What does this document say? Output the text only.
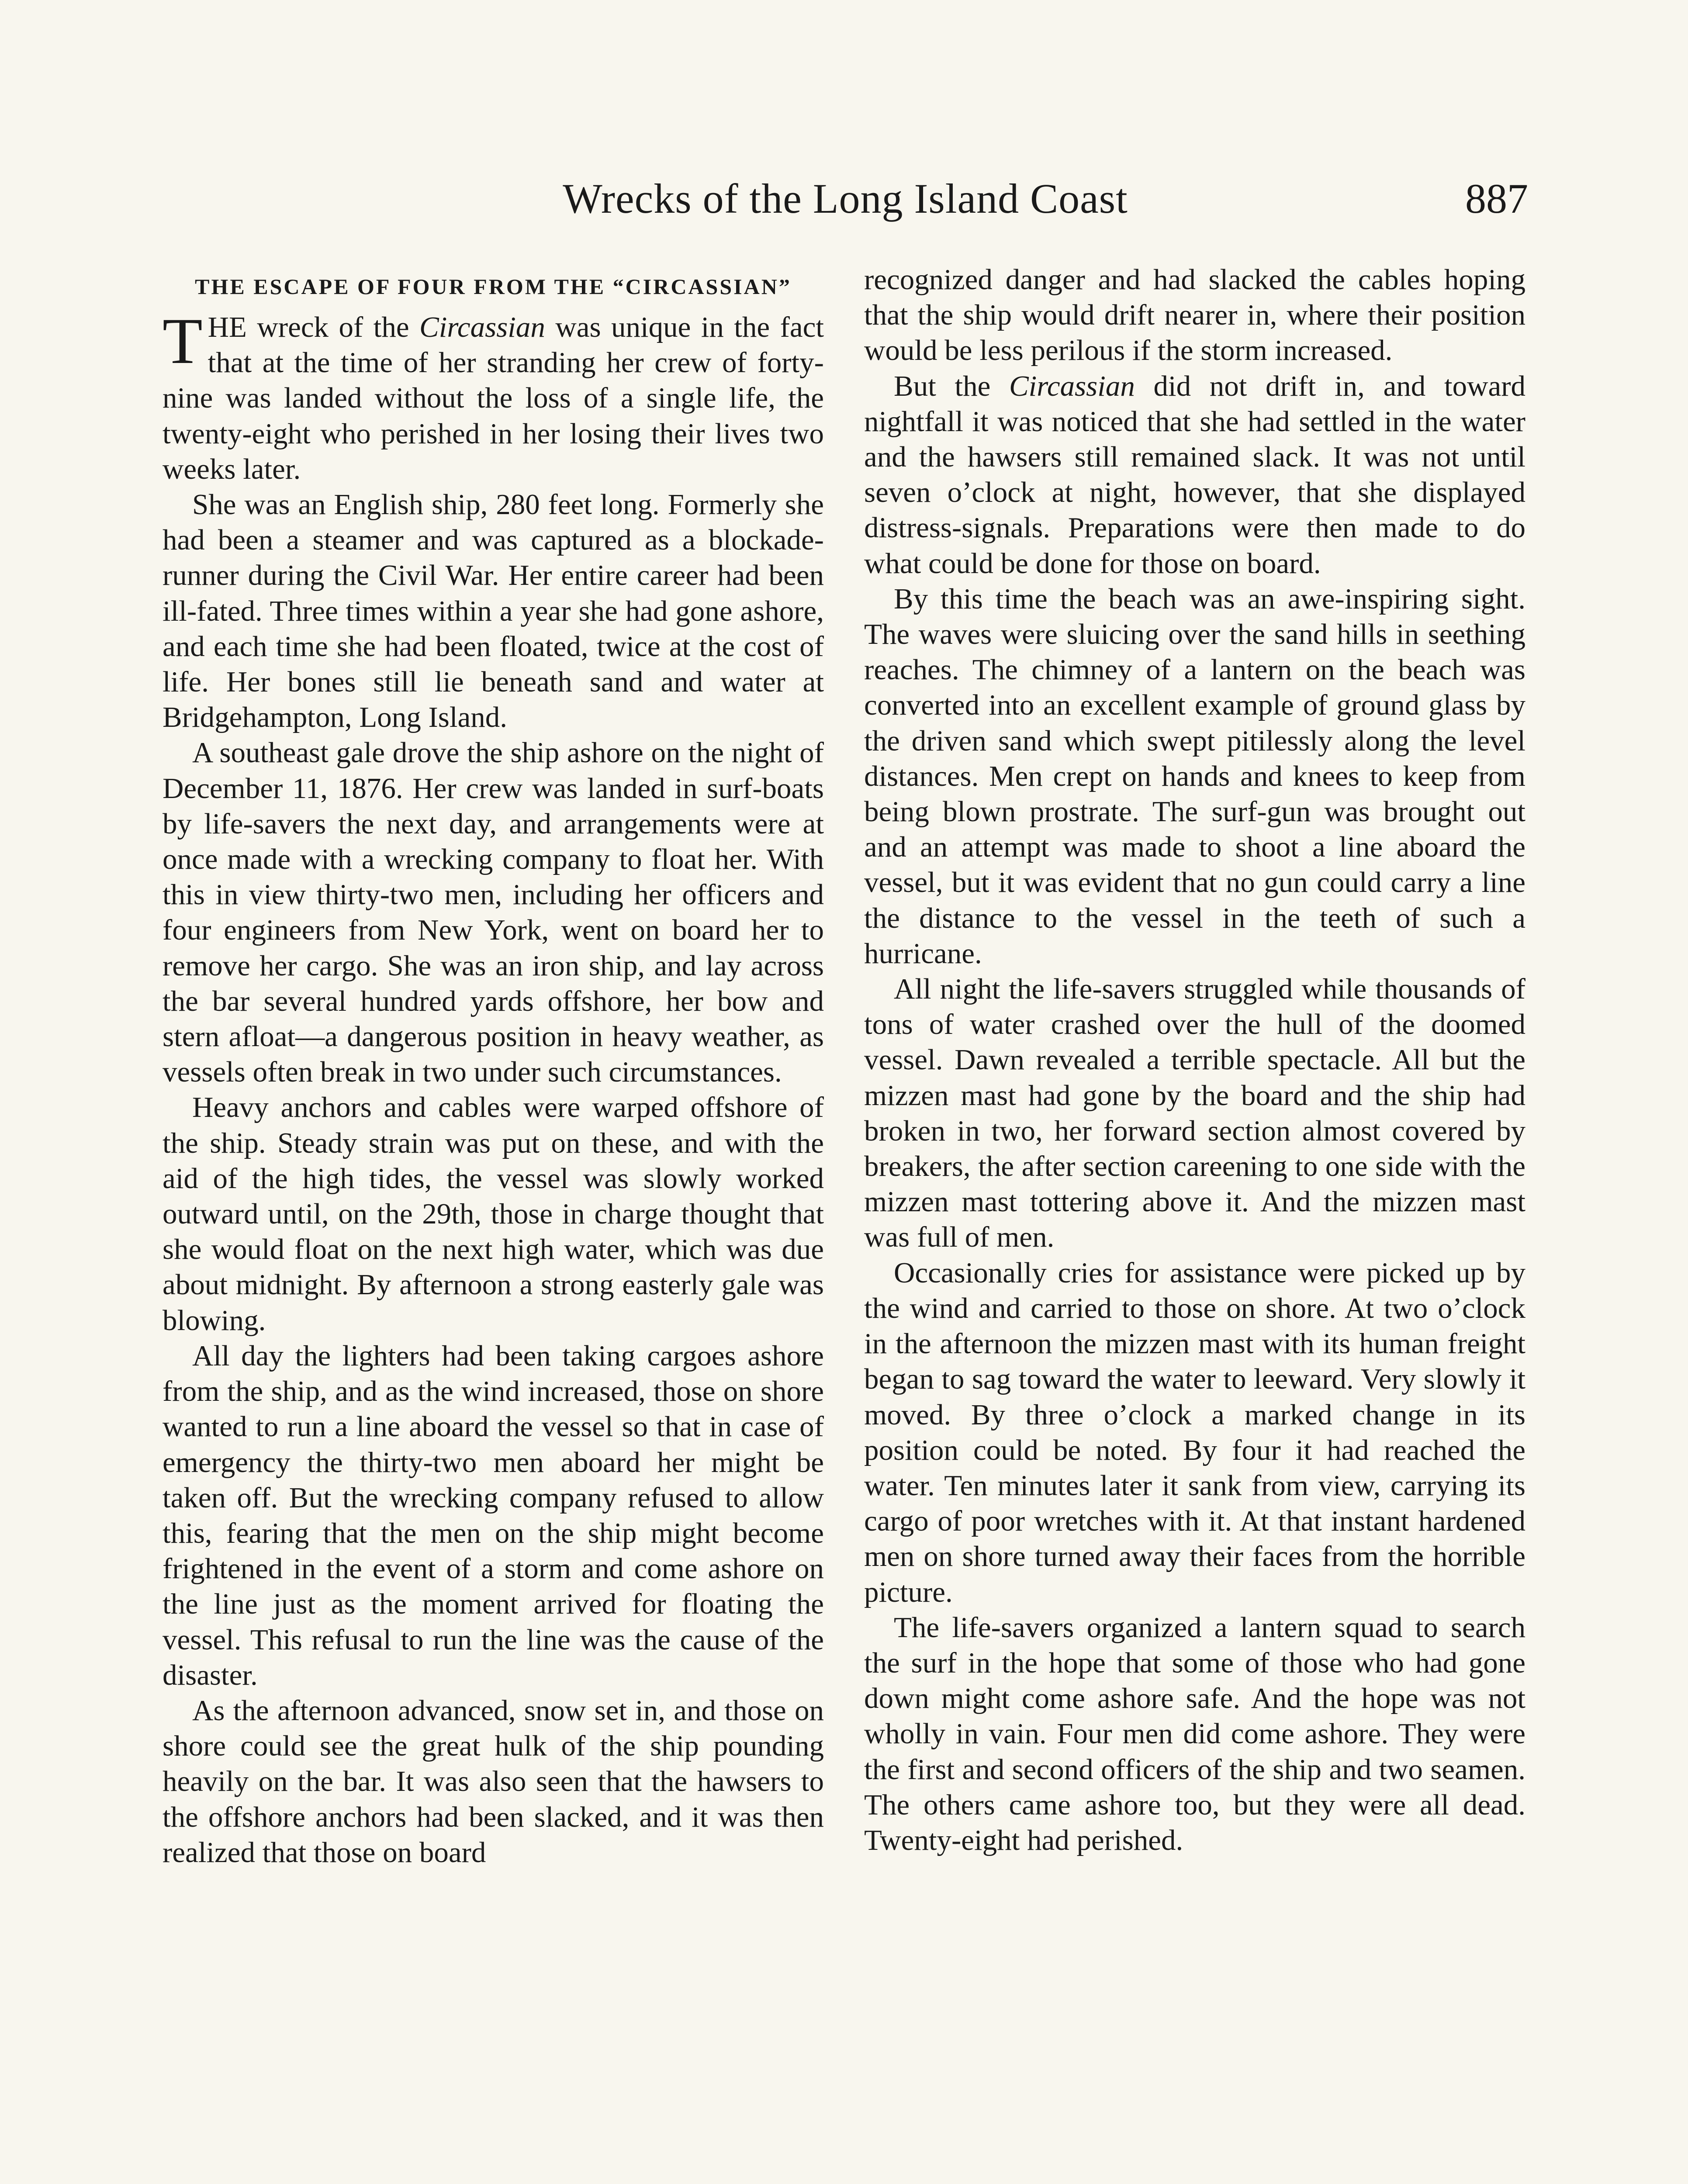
Wrecks of the Long Island Coast	887
THE ESCAPE OF FOUR FROM THE “CIRCASSIAN”

THE wreck of the Circassian was unique in the fact that at the time of her stranding her crew of forty-nine was landed without the loss of a single life, the twenty-eight who perished in her losing their lives two weeks later.

She was an English ship, 280 feet long. Formerly she had been a steamer and was captured as a blockade-runner during the Civil War. Her entire career had been ill-fated. Three times within a year she had gone ashore, and each time she had been floated, twice at the cost of life. Her bones still lie beneath sand and water at Bridgehampton, Long Island.

A southeast gale drove the ship ashore on the night of December 11, 1876. Her crew was landed in surf-boats by life-savers the next day, and arrangements were at once made with a wrecking company to float her. With this in view thirty-two men, including her officers and four engineers from New York, went on board her to remove her cargo. She was an iron ship, and lay across the bar several hundred yards offshore, her bow and stern afloat—a dangerous position in heavy weather, as vessels often break in two under such circumstances.

Heavy anchors and cables were warped offshore of the ship. Steady strain was put on these, and with the aid of the high tides, the vessel was slowly worked outward until, on the 29th, those in charge thought that she would float on the next high water, which was due about midnight. By afternoon a strong easterly gale was blowing.

All day the lighters had been taking cargoes ashore from the ship, and as the wind increased, those on shore wanted to run a line aboard the vessel so that in case of emergency the thirty-two men aboard her might be taken off. But the wrecking company refused to allow this, fearing that the men on the ship might become frightened in the event of a storm and come ashore on the line just as the moment arrived for floating the vessel. This refusal to run the line was the cause of the disaster.

As the afternoon advanced, snow set in, and those on shore could see the great hulk of the ship pounding heavily on the bar. It was also seen that the hawsers to the offshore anchors had been slacked, and it was then realized that those on board

recognized danger and had slacked the cables hoping that the ship would drift nearer in, where their position would be less perilous if the storm increased.

But the Circassian did not drift in, and toward nightfall it was noticed that she had settled in the water and the hawsers still remained slack. It was not until seven o’clock at night, however, that she displayed distress-signals. Preparations were then made to do what could be done for those on board.

By this time the beach was an awe-inspiring sight. The waves were sluicing over the sand hills in seething reaches. The chimney of a lantern on the beach was converted into an excellent example of ground glass by the driven sand which swept pitilessly along the level distances. Men crept on hands and knees to keep from being blown prostrate. The surf-gun was brought out and an attempt was made to shoot a line aboard the vessel, but it was evident that no gun could carry a line the distance to the vessel in the teeth of such a hurricane.

All night the life-savers struggled while thousands of tons of water crashed over the hull of the doomed vessel. Dawn revealed a terrible spectacle. All but the mizzen mast had gone by the board and the ship had broken in two, her forward section almost covered by breakers, the after section careening to one side with the mizzen mast tottering above it. And the mizzen mast was full of men.

Occasionally cries for assistance were picked up by the wind and carried to those on shore. At two o’clock in the afternoon the mizzen mast with its human freight began to sag toward the water to leeward. Very slowly it moved. By three o’clock a marked change in its position could be noted. By four it had reached the water. Ten minutes later it sank from view, carrying its cargo of poor wretches with it. At that instant hardened men on shore turned away their faces from the horrible picture.

The life-savers organized a lantern squad to search the surf in the hope that some of those who had gone down might come ashore safe. And the hope was not wholly in vain. Four men did come ashore. They were the first and second officers of the ship and two seamen. The others came ashore too, but they were all dead. Twenty-eight had perished.
